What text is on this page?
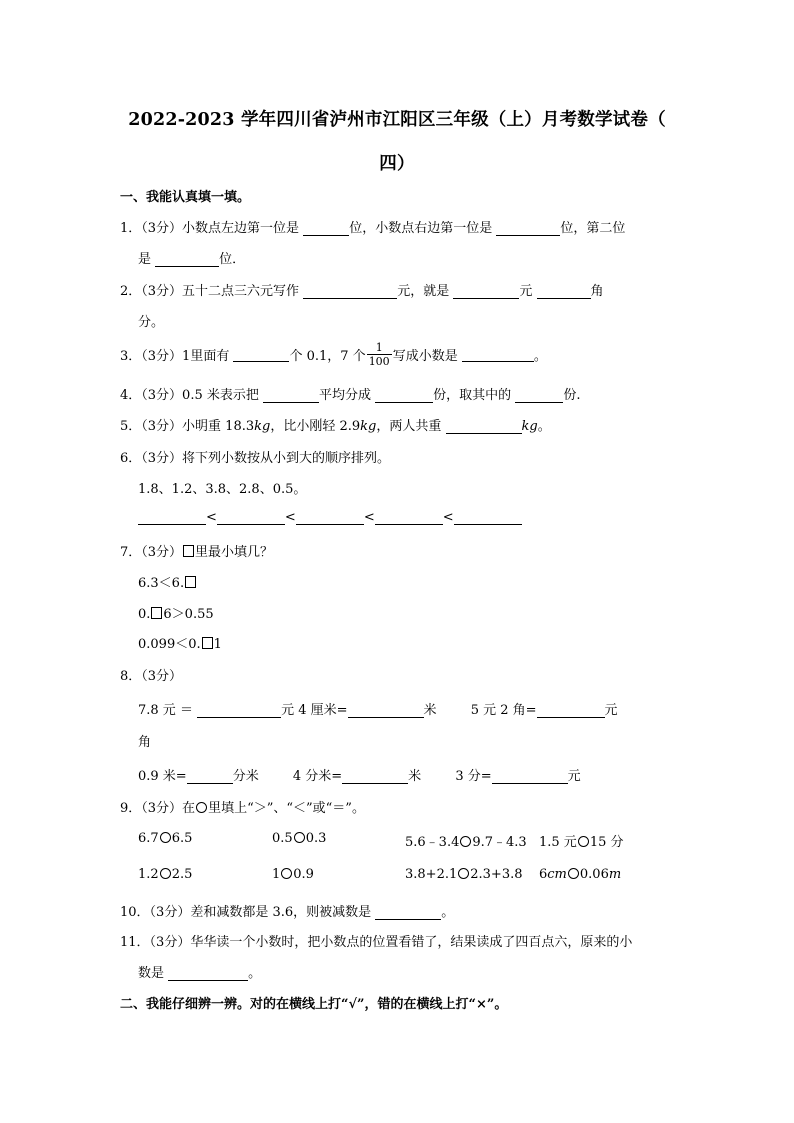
2022-2023 学年四川省泸州市江阳区三年级（上）月考数学试卷（
四）
一、我能认真填一填。
1．（3分）小数点左边第一位是	位，小数点右边第一位是	位，第二位
是	位．
2．（3分）五十二点三六元写作	元，就是	元	角
分。
3．（3分） 1里面有
	个 0.1，7 个 $\frac{1}{100}$ 写成小数是
	。
4．（3分）0.5 米表示把	平均分成	份，取其中的	份.
5．（3分）小明重 18.3kg，比小刚轻 2.9kg，两人共重	kg。
6．（3分）将下列小数按从小到大的顺序排列。
1.8、1.2、3.8、2.8、0.5。
<	<	<	<
7．（3分） 里最小填几？
6.3＜6.
0. 6＞0.55
0.099＜0. 1
8．（3分）
7.8 元 ＝	元 4 厘米=	米	5 元 2 角=	元
角
0.9 米=	分米	4 分米=	米	3 分=	元
9．（3分）在 里填上“＞”、“＜”或“＝”。
6.7 6.5	0.5 0.3	5.6﹣3.4 9.7﹣4.3 1.5 元 15 分
1.2 2.5	1 0.9	3.8+2.1 2.3+3.8 6cm 0.06m
10．（3分）差和减数都是 3.6，则被减数是	。
11．（3分）华华读一个小数时，把小数点的位置看错了，结果读成了四百点六，原来的小
数是	。
二、我能仔细辨一辨。对的在横线上打“√”，错的在横线上打“×”。
